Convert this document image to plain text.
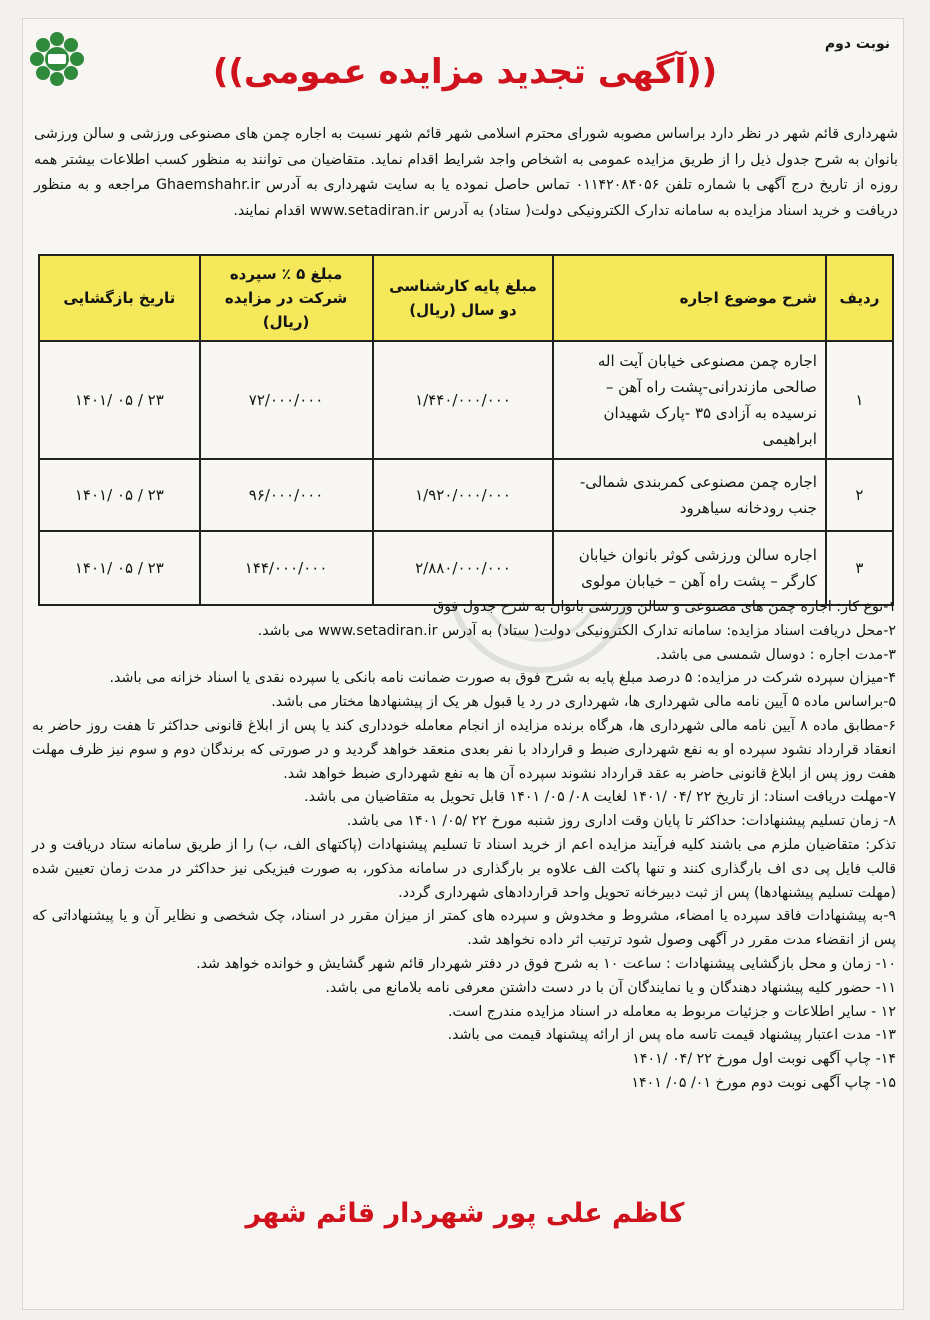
نوبت دوم
((آگهی تجدید مزایده عمومی))

شهرداری قائم شهر در نظر دارد براساس مصوبه شورای محترم اسلامی شهر قائم شهر نسبت به اجاره چمن های مصنوعی ورزشی و سالن ورزشی بانوان به شرح جدول ذیل را از طریق مزایده عمومی به اشخاص واجد شرایط اقدام نماید. متقاضیان می توانند به منظور کسب اطلاعات بیشتر همه روزه از تاریخ درج آگهی با شماره تلفن ۰۱۱۴۲۰۸۴۰۵۶ تماس حاصل نموده یا به سایت شهرداری به آدرس Ghaemshahr.ir مراجعه و به منظور دریافت و خرید اسناد مزایده به سامانه تدارک الکترونیکی دولت( ستاد) به آدرس www.setadiran.ir اقدام نمایند.

ردیف	شرح موضوع اجاره	مبلغ پایه کارشناسی دو سال (ریال)	مبلغ ۵ ٪ سپرده شرکت در مزایده (ریال)	تاریخ بازگشایی
۱	اجاره چمن مصنوعی خیابان آیت اله صالحی مازندرانی-پشت راه آهن – نرسیده به آزادی ۳۵ -پارک شهیدان ابراهیمی	۱/۴۴۰/۰۰۰/۰۰۰	۷۲/۰۰۰/۰۰۰	۲۳ / ۰۵ /۱۴۰۱
۲	اجاره چمن مصنوعی کمربندی شمالی- جنب رودخانه سیاهرود	۱/۹۲۰/۰۰۰/۰۰۰	۹۶/۰۰۰/۰۰۰	۲۳ / ۰۵ /۱۴۰۱
۳	اجاره سالن ورزشی کوثر بانوان خیابان کارگر – پشت راه آهن – خیابان مولوی	۲/۸۸۰/۰۰۰/۰۰۰	۱۴۴/۰۰۰/۰۰۰	۲۳ / ۰۵ /۱۴۰۱
۱-نوع کار: اجاره چمن های مصنوعی و سالن ورزشی بانوان به شرح جدول فوق
۲-محل دریافت اسناد مزایده: سامانه تدارک الکترونیکی دولت( ستاد) به آدرس www.setadiran.ir می باشد.
۳-مدت اجاره : دوسال شمسی می باشد.
۴-میزان سپرده شرکت در مزایده: ۵ درصد مبلغ پایه به شرح فوق به صورت ضمانت نامه بانکی یا سپرده نقدی یا اسناد خزانه می باشد.
۵-براساس ماده ۵ آیین نامه مالی شهرداری ها، شهرداری در رد یا قبول هر یک از پیشنهادها مختار می باشد.
۶-مطابق ماده ۸ آیین نامه مالی شهرداری ها، هرگاه برنده مزایده از انجام معامله خودداری کند یا پس از ابلاغ قانونی حداکثر تا هفت روز حاضر به انعقاد قرارداد نشود سپرده او به نفع شهرداری ضبط و قرارداد با نفر بعدی منعقد خواهد گردید و در صورتی که برندگان دوم و سوم نیز ظرف مهلت هفت روز پس از ابلاغ قانونی حاضر به عقد قرارداد نشوند سپرده آن ها به نفع شهرداری ضبط خواهد شد.
۷-مهلت دریافت اسناد: از تاریخ ۲۲ /۰۴ /۱۴۰۱ لغایت ۰۸/ ۰۵/ ۱۴۰۱ قابل تحویل به متقاضیان می باشد.
۸- زمان تسلیم پیشنهادات: حداکثر تا پایان وقت اداری روز شنبه مورخ ۲۲ /۰۵/ ۱۴۰۱ می باشد.
تذکر: متقاضیان ملزم می باشند کلیه فرآیند مزایده اعم از خرید اسناد تا تسلیم پیشنهادات (پاکتهای الف، ب) را از طریق سامانه ستاد دریافت و در قالب فایل پی دی اف بارگذاری کنند و تنها پاکت الف علاوه بر بارگذاری در سامانه مذکور، به صورت فیزیکی نیز حداکثر در مدت زمان تعیین شده (مهلت تسلیم پیشنهادها) پس از ثبت دبیرخانه تحویل واحد قراردادهای شهرداری گردد.
۹-به پیشنهادات فاقد سپرده یا امضاء، مشروط و مخدوش و سپرده های کمتر از میزان مقرر در اسناد، چک شخصی و نظایر آن و یا پیشنهاداتی که پس از انقضاء مدت مقرر در آگهی وصول شود ترتیب اثر داده نخواهد شد.
۱۰- زمان و محل بازگشایی پیشنهادات : ساعت ۱۰ به شرح فوق در دفتر شهردار قائم شهر گشایش و خوانده خواهد شد.
۱۱- حضور کلیه پیشنهاد دهندگان و یا نمایندگان آن با در دست داشتن معرفی نامه بلامانع می باشد.
۱۲ - سایر اطلاعات و جزئیات مربوط به معامله در اسناد مزایده مندرج است.
۱۳- مدت اعتبار پیشنهاد قیمت تاسه ماه پس از ارائه پیشنهاد قیمت می باشد.
۱۴- چاپ آگهی نوبت اول مورخ ۲۲ /۰۴ /۱۴۰۱
۱۵- چاپ آگهی نوبت دوم مورخ ۰۱/ ۰۵/ ۱۴۰۱
کاظم علی پور شهردار قائم شهر
